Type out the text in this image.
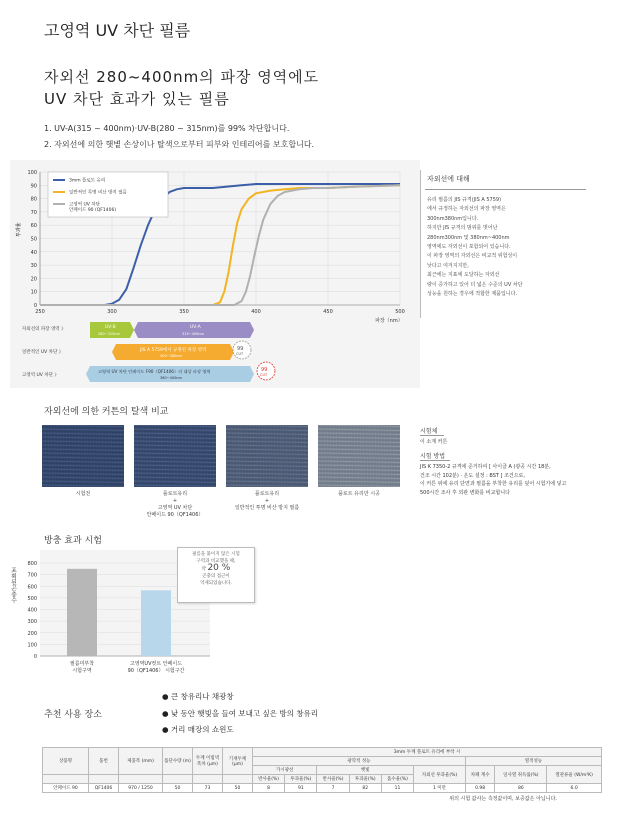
고영역 UV 차단 필름
자외선 280~400nm의 파장 영역에도
UV 차단 효과가 있는 필름
1. UV-A(315 ~ 400nm)·UV-B(280 ~ 315nm)를 99% 차단합니다.
2. 자외선에 의한 햇볕 손상이나 탈색으로부터 피부와 인테리어를 보호합니다.
0
10
20
30
40
50
60
70
80
90
100
250	300	350	400	450	500
3mm 플로트 유리
일반적인 투명 비산 방지 필름
고영역 UV 차단
안페이드 90 (QF1406)
투과율
파장（nm）
자외선의 파장 영역 》
일반적인 UV 차단 》
고영역 UV 차단 》
UV-B
280~315nm
UV-A
315~400nm
JIS A 5759에서 규정된 파장 영역
300~380nm
99
CUT
고영역 UV 차단 안페이드 F90（QF1406）의 대상 파장 영역
380~400nm
99
CUT
자외선에 대해
유리 필름의 JIS 규격(JIS A 5759)
에서 규정하는 자외선의 파장 영역은
300nm380nm입니다.
하지만 JIS 규격의 범위를 벗어난
280nm300nm 및 380nm~400nm
영역에도 자외선이 포함되어 있습니다.
이 파장 영역의 자외선은 비교적 위험성이
낮다고 여겨지지만,
최근에는 지표에 도달하는 자외선
량이 증가하고 있어 더 넓은 수준의 UV 차단
성능을 원하는 경우에 적합한 제품입니다.
자외선에 의한 커튼의 탈색 비교
시험전	플로트유리
+
고영역 UV 차단
안페이드 90（QF1406）
플로트유리
+
일반적인 투명 비산 방지 필름
플로트 유리만 시공
시험체
이 소재 커튼
시험 방법
JIS K 7350-2 규격에 준거하여 [ 사이클 A (광공 시간 18분,
건조 시간 102분) · 온도 설정 : BST ] 조건으로,
이 커튼 위에 유리 단면과 필름을 부착한 유리를 덮어 시험기에 넣고
500시간 조사 후 외관 변화를 비교합니다
방충 효과 시험
0
100
200
300
400
500
600
700
800
포획된곤충수
필름미부착
시험구역
고영역UV컷트 안페이드
90（QF1406） 시험구간
필름을 붙이지 않은 시험
구역과 비교했을 때,
약 20 %
곤충의 접근이
억제되었습니다.
추천 사용 장소
● 큰 창유리나 채광창
● 낮 동안 햇빛을 들여 보내고 싶은 방의 창유리
● 거리 매장의 쇼윈도
상품명	품번	제품폭 (mm)	롤단수량 (m)	두께 이빔넥 폭차 (μm)	기재두께 (μm)	3mm 두께 플로트 유리에 부착 시								
						광학적 성능						열적성능		
						가시광선		햇빛			자외선 투과율(%)	차폐 계수	일사열 취득률(%)	열관류율 (W/m²K)
						반사율(%)	투과율(%)	반사율(%)	투과율(%)	흡수율(%)				
안페이드 90	QF1406	970 / 1250	50	73	50	8	91	7	82	11	1 미만	0.98	86	6.0
위의 시험 값사는 측정값이며, 보증값은 아닙니다.
